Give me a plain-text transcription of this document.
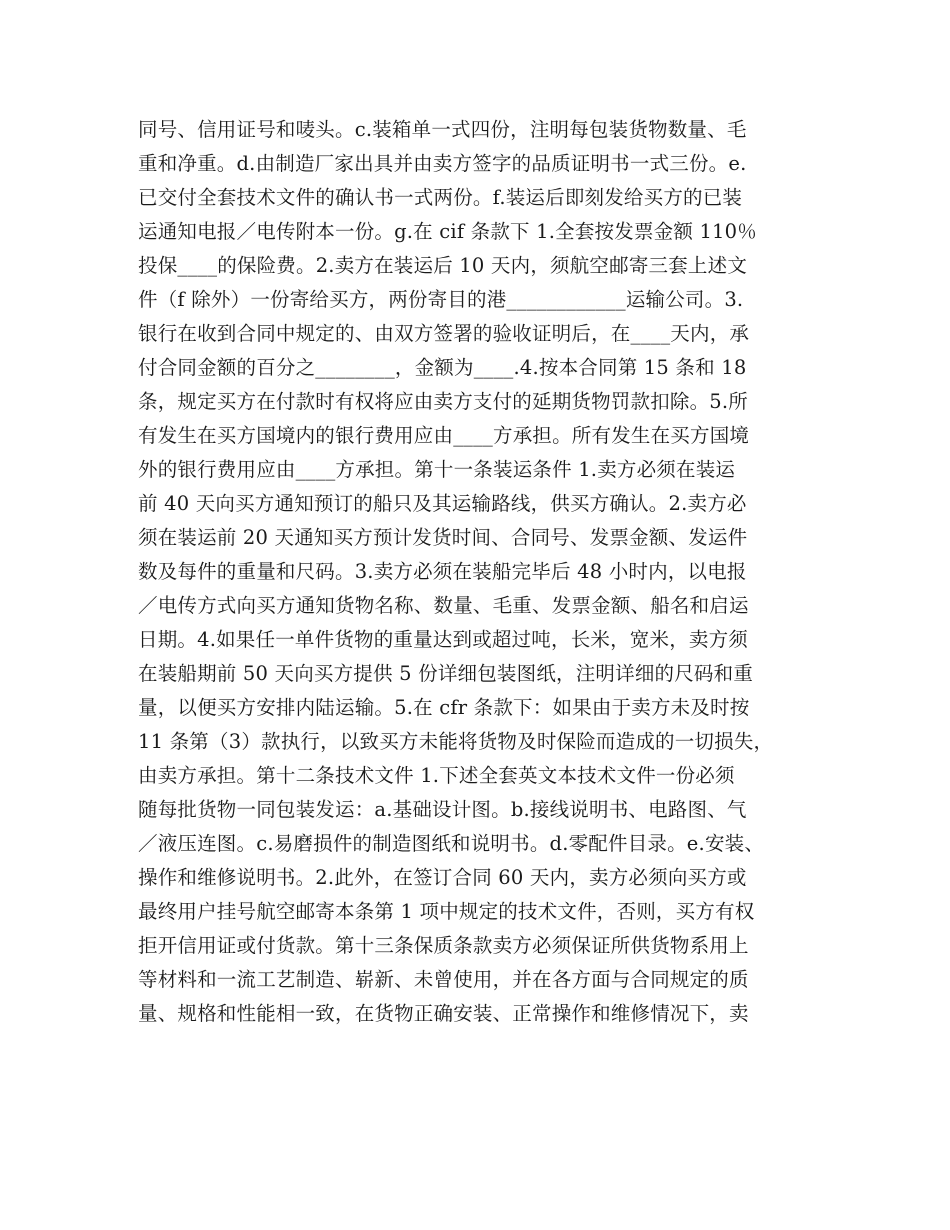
同号、信用证号和唛头。c.装箱单一式四份，注明每包装货物数量、毛
重和净重。d.由制造厂家出具并由卖方签字的品质证明书一式三份。e.
已交付全套技术文件的确认书一式两份。f.装运后即刻发给买方的已装
运通知电报／电传附本一份。g.在 cif 条款下 1.全套按发票金额 110％
投保____的保险费。2.卖方在装运后 10 天内，须航空邮寄三套上述文
件（f 除外）一份寄给买方，两份寄目的港____________运输公司。3.
银行在收到合同中规定的、由双方签署的验收证明后，在____天内，承
付合同金额的百分之________，金额为____.4.按本合同第 15 条和 18
条，规定买方在付款时有权将应由卖方支付的延期货物罚款扣除。5.所
有发生在买方国境内的银行费用应由____方承担。所有发生在买方国境
外的银行费用应由____方承担。第十一条装运条件 1.卖方必须在装运
前 40 天向买方通知预订的船只及其运输路线，供买方确认。2.卖方必
须在装运前 20 天通知买方预计发货时间、合同号、发票金额、发运件
数及每件的重量和尺码。3.卖方必须在装船完毕后 48 小时内，以电报
／电传方式向买方通知货物名称、数量、毛重、发票金额、船名和启运
日期。4.如果任一单件货物的重量达到或超过吨，长米，宽米，卖方须
在装船期前 50 天向买方提供 5 份详细包装图纸，注明详细的尺码和重
量，以便买方安排内陆运输。5.在 cfr 条款下：如果由于卖方未及时按
11 条第（3）款执行，以致买方未能将货物及时保险而造成的一切损失，
由卖方承担。第十二条技术文件 1.下述全套英文本技术文件一份必须
随每批货物一同包装发运：a.基础设计图。b.接线说明书、电路图、气
／液压连图。c.易磨损件的制造图纸和说明书。d.零配件目录。e.安装、
操作和维修说明书。2.此外，在签订合同 60 天内，卖方必须向买方或
最终用户挂号航空邮寄本条第 1 项中规定的技术文件，否则，买方有权
拒开信用证或付货款。第十三条保质条款卖方必须保证所供货物系用上
等材料和一流工艺制造、崭新、未曾使用，并在各方面与合同规定的质
量、规格和性能相一致，在货物正确安装、正常操作和维修情况下，卖
